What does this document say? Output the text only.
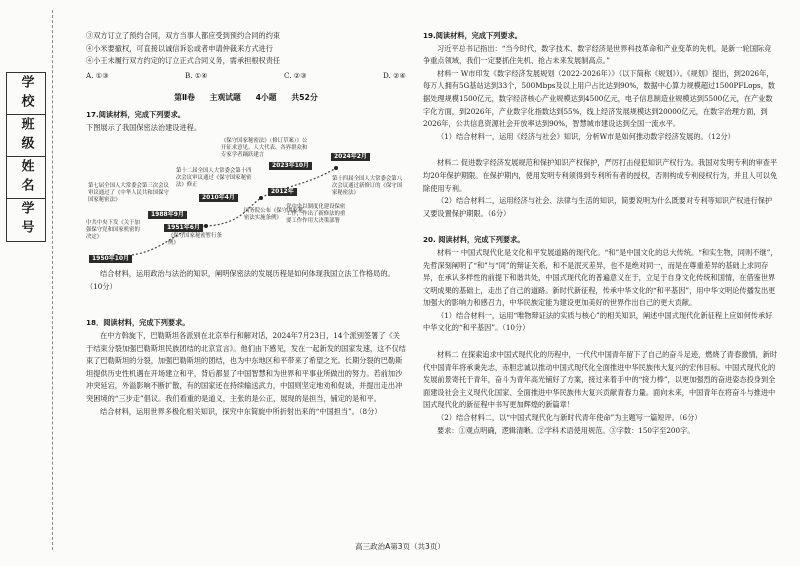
学校
班级
姓名
学号

③双方订立了预约合同，双方当事人都应受到预约合同的约束

④小米要撤权，可直接以诚信诉讼或者申请仲裁来方式进行

④小王未履行双方约定的订立正式合同义务，需承担根权责任

A. ①③	B. ①④	C. ②③	D. ②④
第Ⅱ卷 主观试题 4小题 共52分

17.阅读材料，完成下列要求。

下图展示了我国保密法治建设进程。

《保守国家秘密法》（修订草案）》公开征求意见。人大代表、各界群众和专家学者踊跃建言
第十二届全国人大常委会第十四次会议审议通过《保守国家秘密法》修正
第七届全国人大常委会第三次会议审议通过了《中华人民共和国保守国家秘密法》
中共中央下发《关于加强保守党和国家机密的决定》	《保守国家秘密暂行条例》
国务院公布《保守国家秘密法实施条例》
第十四届全国人大常委会第八次会议通过新修订的《保守国家秘密法》
党中央以制度化建设保密工作，作出了新修法的重要工作作用大决策部署
2024年2月
2023年10月
2010年4月
2012年
1988年9月
1951年6月
1950年10月

结合材料，运用政治与法治的知识，阐明保密法的发展历程是如何体现我国立法工作格局的。（10分）

18．阅读材料，完成下列要求。

在中方斡旋下，巴勒斯坦各派别在北京举行和解对话，2024年7月23日，14个派别签署了《关于结束分裂加强巴勒斯坦民族团结的北京宣言》。他们由下感见，发在一起新发的国家发速，这不仅结束了巴勒斯坦的分裂，加强巴勒斯坦的团结，也为中东地区和平带来了希望之光。长期分裂的巴勒斯坦提供历史性机遇在开场建立和平，背后都显了中国智慧和为世界和平事业所做出的努力。若前加沙冲突延宕，外溢影响不断扩散，有的国家还在持续输送武力，中国则坚定地劝和促谈，并提出走出冲突困境的“三步走”倡议。我们看重的是道义，主张的是公正，展现的是担当，铺定的是和平。

结合材料，运用世界多极化相关知识，探究中东简旋中所折射出来的“中国担当”。（8分）

19.阅读材料，完成下列要求。

习近平总书记指出：“当今时代，数字技术、数字经济是世界科技革命和产业变革的先机，是新一轮国际竞争重点领域，我们一定要抓住先机、抢占未来发展制高点。”

材料一 W市印发《数字经济发展规划（2022-2026年）》（以下简称《规划》）。《规划》提出，到2026年，每万人拥有5G基站达到33个，500Mbps及以上用户占比达到90%，数据中心算力规模超过1500PFLops，数据处理规模1500亿元，数字经济核心产业规模达到4500亿元，电子信息制造业规模达到5500亿元，在产业数字化方面，到2026年，产业数字化指数达到55%，线上经济发展规模达到20000亿元，在数字治理方面，到2026年，公共信息资源社会开放率达到90%，智慧城市建设达到全国一流水平。

（1）结合材料一，运用《经济与社会》知识，分析W市是如何推动数字经济发展的。（12分）

材料二 促进数字经济发展规范和保护知识产权保护，严厉打击侵犯知识产权行为。我国对发明专利的审查平均20年保护期限。在保护期内，使用发明专利须得到专利所有者的授权，否则构成专利侵权行为，并且人可以免除使用专利。

（2）结合材料二，运用经济与社会、法律与生活的知识，简要说明为什么既要对专利等知识产权进行保护又要设置保护期限。（6分）

20. 阅读材料，完成下列要求。

材料一 中国式现代化是文化和平发展道路的现代化。“和”是中国文化的总大传统。“和实生物，同则不继”，先哲深刻阐明了“和”与“同”的辩证关系，和不是泯灭差异，也不是绝对同一，而是在尊重差异的基础上求同存异，在承认多样性的前提下和谐共处，中国式现代化的普遍意义在于，立足于自身文化传统和国情，在借鉴世界文明成果的基础上，走出了自己的道路。新时代新征程，传承中华文化的“和平基因”，用中华文明论传播发出更加强大的影响力和感召力，中华民族定能为建设更加美好的世界作出自己的更大贡献。

（1）结合材料一，运用“唯物辩证法的实质与核心”的相关知识，阐述中国式现代化新征程上应如何传承好中华文化的“和平基因”。（10分）

材料二 在探索追求中国式现代化的历程中，一代代中国青年留下了自己的奋斗足迹，燃烧了青春激情，新时代中国青年将承秉先志，赤胆忠诚以推动中国式现代化全面推进中华民族伟大复兴的宏伟目标。中国式现代化的发展前景寄托于青年，奋斗为青年高光铺好了方案，接过来着手中的“接力棒”，以更加强烈的奋进姿态投身到全面建设社会主义现代化国家、全面推进中华民族伟大复兴贡献青春力量。面向未来，中国青年在将奋斗与推进中国式现代化的新征程中书写更加辉煌的新篇章！

（2）结合材料二，以“中国式现代化与新时代青年使命”为主题写一篇短评。（6分）

要求：①观点明确，逻辑清晰。②学科术语使用规范。③字数：150字至200字。

高三政治A第3页（共3页）
